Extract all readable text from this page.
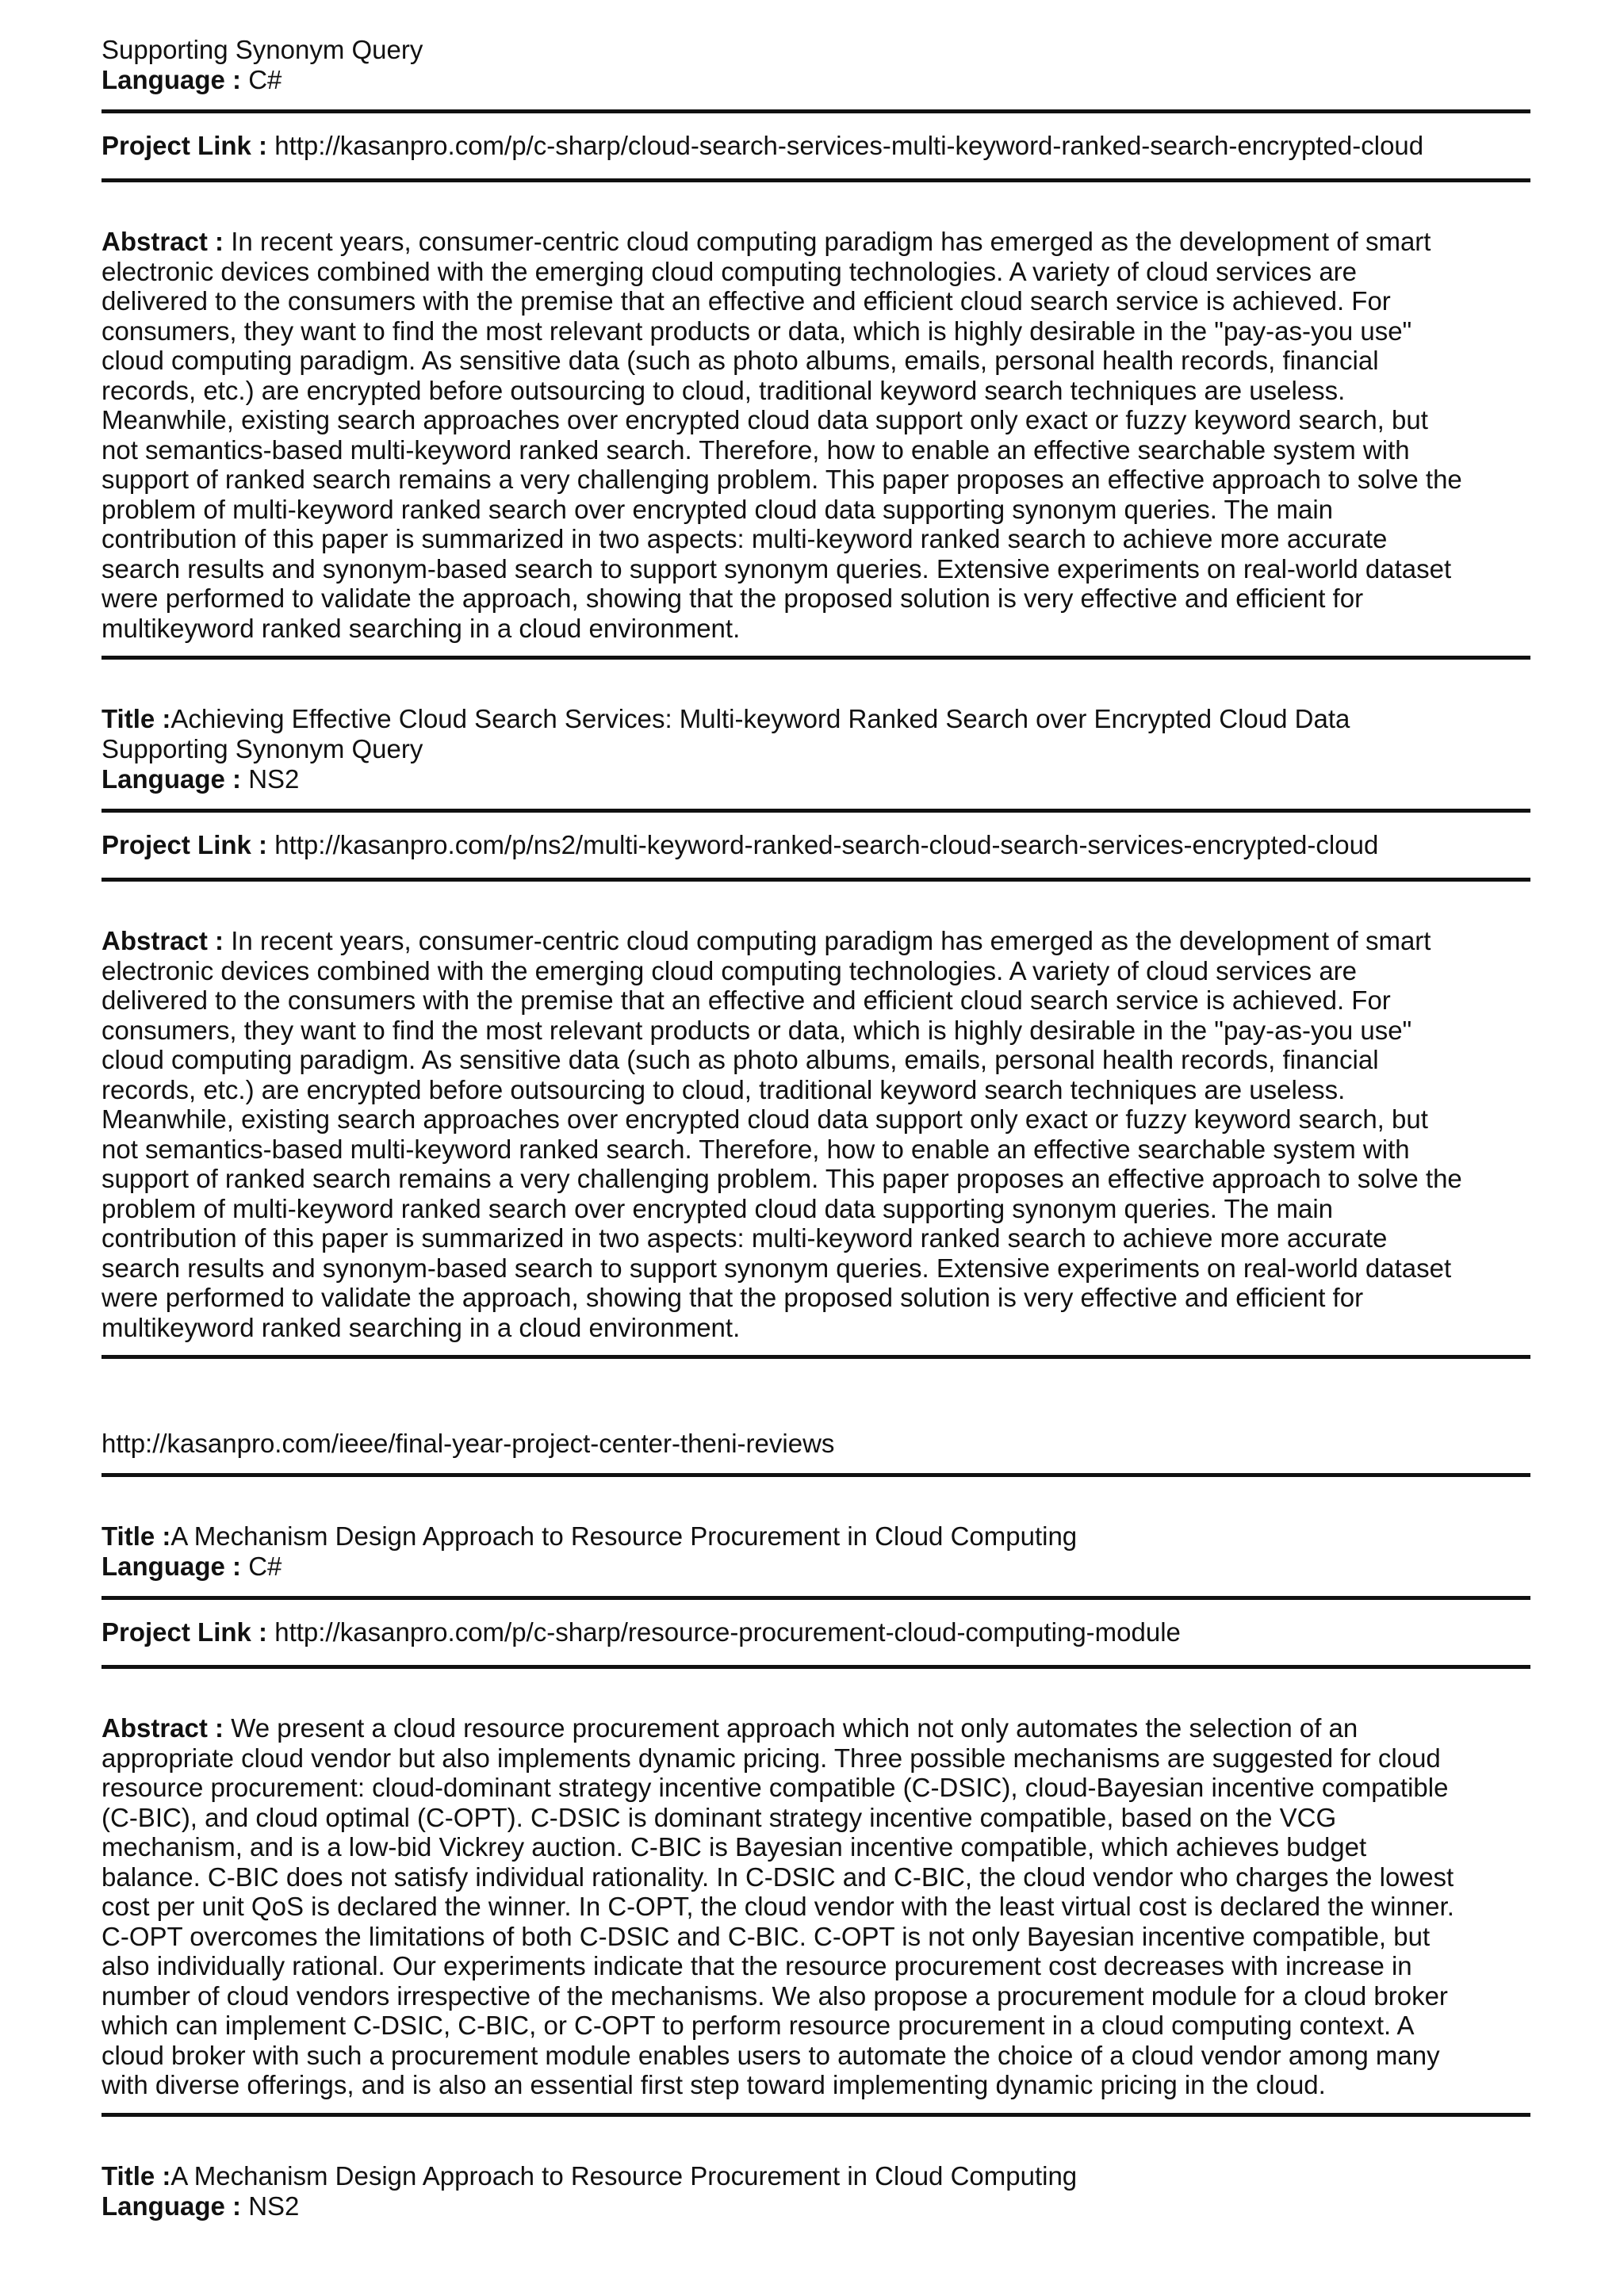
Supporting Synonym Query

Language : C#

Project Link : http://kasanpro.com/p/c-sharp/cloud-search-services-multi-keyword-ranked-search-encrypted-cloud

Abstract : In recent years, consumer-centric cloud computing paradigm has emerged as the development of smart
electronic devices combined with the emerging cloud computing technologies. A variety of cloud services are
delivered to the consumers with the premise that an effective and efficient cloud search service is achieved. For
consumers, they want to find the most relevant products or data, which is highly desirable in the "pay-as-you use"
cloud computing paradigm. As sensitive data (such as photo albums, emails, personal health records, financial
records, etc.) are encrypted before outsourcing to cloud, traditional keyword search techniques are useless.
Meanwhile, existing search approaches over encrypted cloud data support only exact or fuzzy keyword search, but
not semantics-based multi-keyword ranked search. Therefore, how to enable an effective searchable system with
support of ranked search remains a very challenging problem. This paper proposes an effective approach to solve the
problem of multi-keyword ranked search over encrypted cloud data supporting synonym queries. The main
contribution of this paper is summarized in two aspects: multi-keyword ranked search to achieve more accurate
search results and synonym-based search to support synonym queries. Extensive experiments on real-world dataset
were performed to validate the approach, showing that the proposed solution is very effective and efficient for
multikeyword ranked searching in a cloud environment.

Title :Achieving Effective Cloud Search Services: Multi-keyword Ranked Search over Encrypted Cloud Data

Supporting Synonym Query

Language : NS2

Project Link : http://kasanpro.com/p/ns2/multi-keyword-ranked-search-cloud-search-services-encrypted-cloud

Abstract : In recent years, consumer-centric cloud computing paradigm has emerged as the development of smart
electronic devices combined with the emerging cloud computing technologies. A variety of cloud services are
delivered to the consumers with the premise that an effective and efficient cloud search service is achieved. For
consumers, they want to find the most relevant products or data, which is highly desirable in the "pay-as-you use"
cloud computing paradigm. As sensitive data (such as photo albums, emails, personal health records, financial
records, etc.) are encrypted before outsourcing to cloud, traditional keyword search techniques are useless.
Meanwhile, existing search approaches over encrypted cloud data support only exact or fuzzy keyword search, but
not semantics-based multi-keyword ranked search. Therefore, how to enable an effective searchable system with
support of ranked search remains a very challenging problem. This paper proposes an effective approach to solve the
problem of multi-keyword ranked search over encrypted cloud data supporting synonym queries. The main
contribution of this paper is summarized in two aspects: multi-keyword ranked search to achieve more accurate
search results and synonym-based search to support synonym queries. Extensive experiments on real-world dataset
were performed to validate the approach, showing that the proposed solution is very effective and efficient for
multikeyword ranked searching in a cloud environment.

http://kasanpro.com/ieee/final-year-project-center-theni-reviews

Title :A Mechanism Design Approach to Resource Procurement in Cloud Computing

Language : C#

Project Link : http://kasanpro.com/p/c-sharp/resource-procurement-cloud-computing-module

Abstract : We present a cloud resource procurement approach which not only automates the selection of an
appropriate cloud vendor but also implements dynamic pricing. Three possible mechanisms are suggested for cloud
resource procurement: cloud-dominant strategy incentive compatible (C-DSIC), cloud-Bayesian incentive compatible
(C-BIC), and cloud optimal (C-OPT). C-DSIC is dominant strategy incentive compatible, based on the VCG
mechanism, and is a low-bid Vickrey auction. C-BIC is Bayesian incentive compatible, which achieves budget
balance. C-BIC does not satisfy individual rationality. In C-DSIC and C-BIC, the cloud vendor who charges the lowest
cost per unit QoS is declared the winner. In C-OPT, the cloud vendor with the least virtual cost is declared the winner.
C-OPT overcomes the limitations of both C-DSIC and C-BIC. C-OPT is not only Bayesian incentive compatible, but
also individually rational. Our experiments indicate that the resource procurement cost decreases with increase in
number of cloud vendors irrespective of the mechanisms. We also propose a procurement module for a cloud broker
which can implement C-DSIC, C-BIC, or C-OPT to perform resource procurement in a cloud computing context. A
cloud broker with such a procurement module enables users to automate the choice of a cloud vendor among many
with diverse offerings, and is also an essential first step toward implementing dynamic pricing in the cloud.

Title :A Mechanism Design Approach to Resource Procurement in Cloud Computing

Language : NS2
